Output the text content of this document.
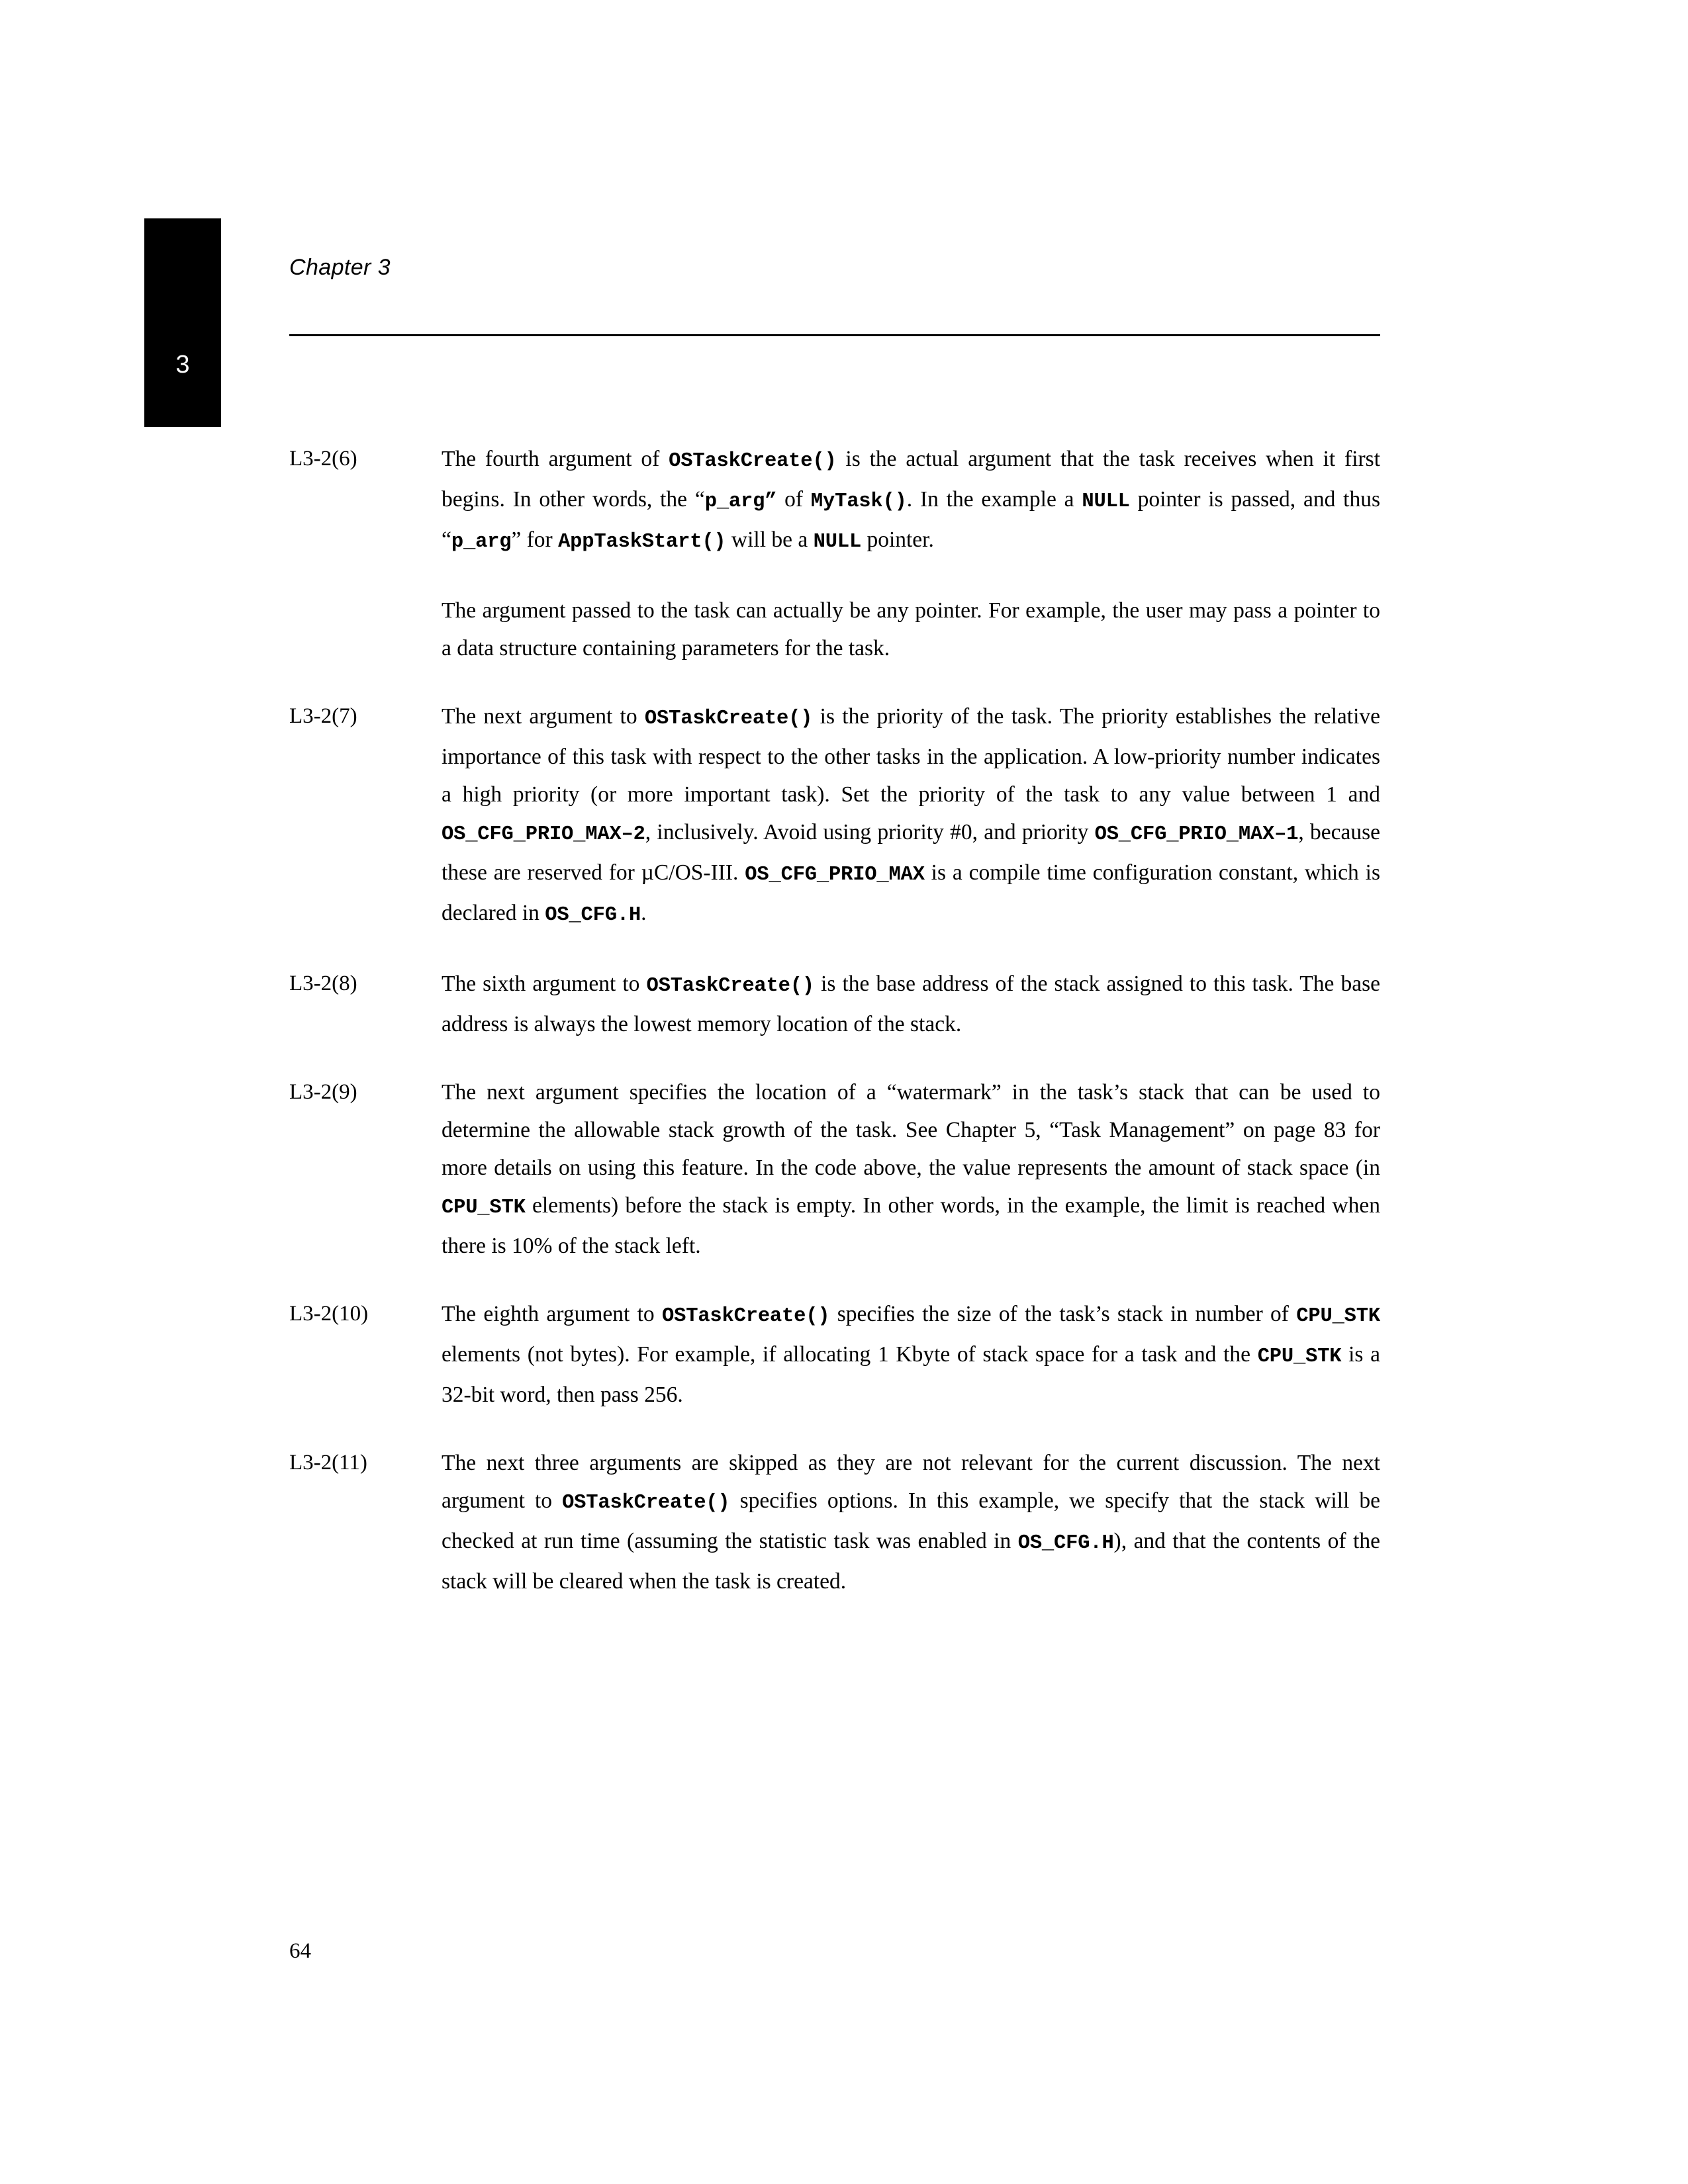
3
Chapter 3
L3-2(6)	The fourth argument of OSTaskCreate() is the actual argument that the task receives when it first begins. In other words, the “p_arg” of MyTask(). In the example a NULL pointer is passed, and thus “p_arg” for AppTaskStart() will be a NULL pointer.
The argument passed to the task can actually be any pointer. For example, the user may pass a pointer to a data structure containing parameters for the task.
L3-2(7)	The next argument to OSTaskCreate() is the priority of the task. The priority establishes the relative importance of this task with respect to the other tasks in the application. A low-priority number indicates a high priority (or more important task). Set the priority of the task to any value between 1 and OS_CFG_PRIO_MAX–2, inclusively. Avoid using priority #0, and priority OS_CFG_PRIO_MAX–1, because these are reserved for µC/OS-III. OS_CFG_PRIO_MAX is a compile time configuration constant, which is declared in OS_CFG.H.
L3-2(8)	The sixth argument to OSTaskCreate() is the base address of the stack assigned to this task. The base address is always the lowest memory location of the stack.
L3-2(9)	The next argument specifies the location of a “watermark” in the task’s stack that can be used to determine the allowable stack growth of the task. See Chapter 5, “Task Management” on page 83 for more details on using this feature. In the code above, the value represents the amount of stack space (in CPU_STK elements) before the stack is empty. In other words, in the example, the limit is reached when there is 10% of the stack left.
L3-2(10)	The eighth argument to OSTaskCreate() specifies the size of the task’s stack in number of CPU_STK elements (not bytes). For example, if allocating 1 Kbyte of stack space for a task and the CPU_STK is a 32-bit word, then pass 256.
L3-2(11)	The next three arguments are skipped as they are not relevant for the current discussion. The next argument to OSTaskCreate() specifies options. In this example, we specify that the stack will be checked at run time (assuming the statistic task was enabled in OS_CFG.H), and that the contents of the stack will be cleared when the task is created.
64
